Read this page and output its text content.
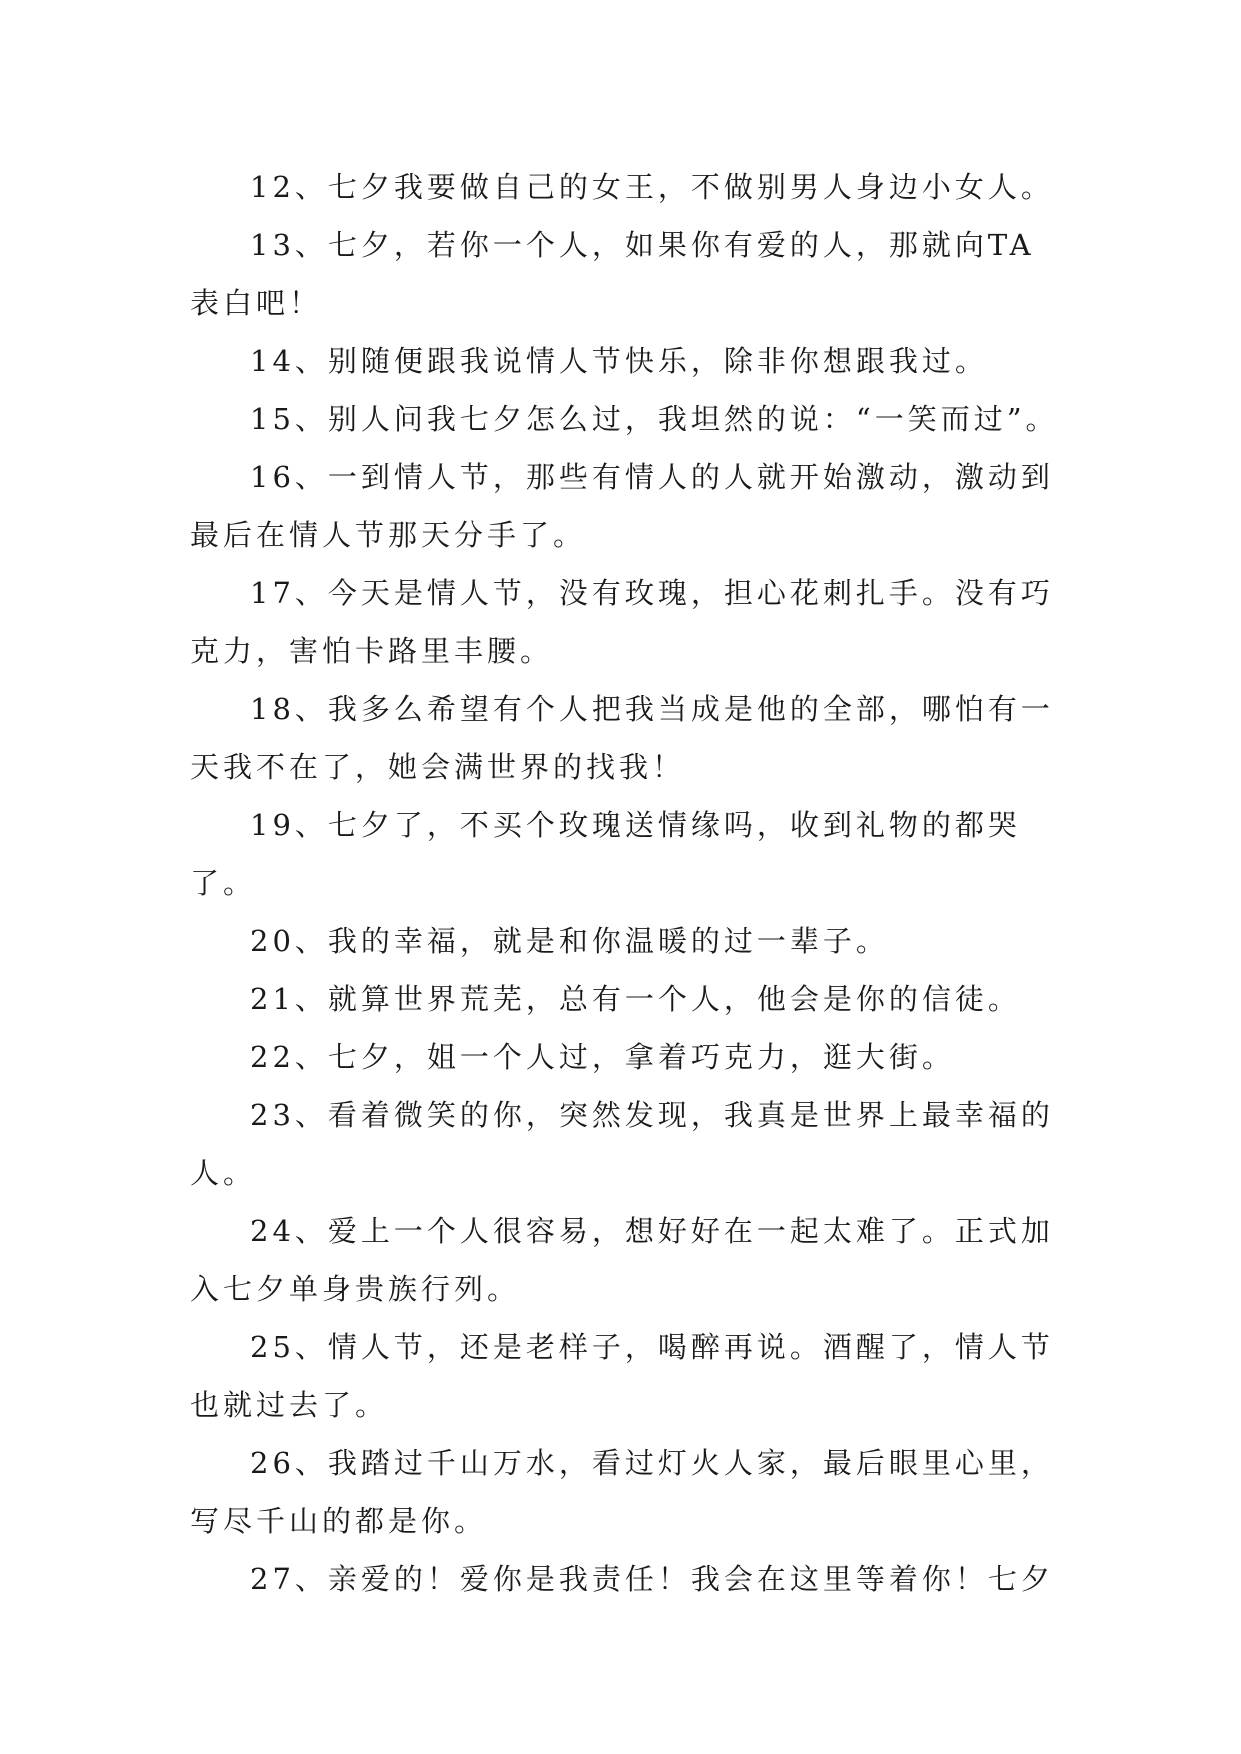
12、七夕我要做自己的女王，不做别男人身边小女人。

13、七夕，若你一个人，如果你有爱的人，那就向TA表白吧！

14、别随便跟我说情人节快乐，除非你想跟我过。

15、别人问我七夕怎么过，我坦然的说：“一笑而过”。

16、一到情人节，那些有情人的人就开始激动，激动到最后在情人节那天分手了。

17、今天是情人节，没有玫瑰，担心花刺扎手。没有巧克力，害怕卡路里丰腰。

18、我多么希望有个人把我当成是他的全部，哪怕有一天我不在了，她会满世界的找我！

19、七夕了，不买个玫瑰送情缘吗，收到礼物的都哭了。

20、我的幸福，就是和你温暖的过一辈子。

21、就算世界荒芜，总有一个人，他会是你的信徒。

22、七夕，姐一个人过，拿着巧克力，逛大街。

23、看着微笑的你，突然发现，我真是世界上最幸福的人。

24、爱上一个人很容易，想好好在一起太难了。正式加入七夕单身贵族行列。

25、情人节，还是老样子，喝醉再说。酒醒了，情人节也就过去了。

26、我踏过千山万水，看过灯火人家，最后眼里心里，写尽千山的都是你。

27、亲爱的！爱你是我责任！我会在这里等着你！七夕
